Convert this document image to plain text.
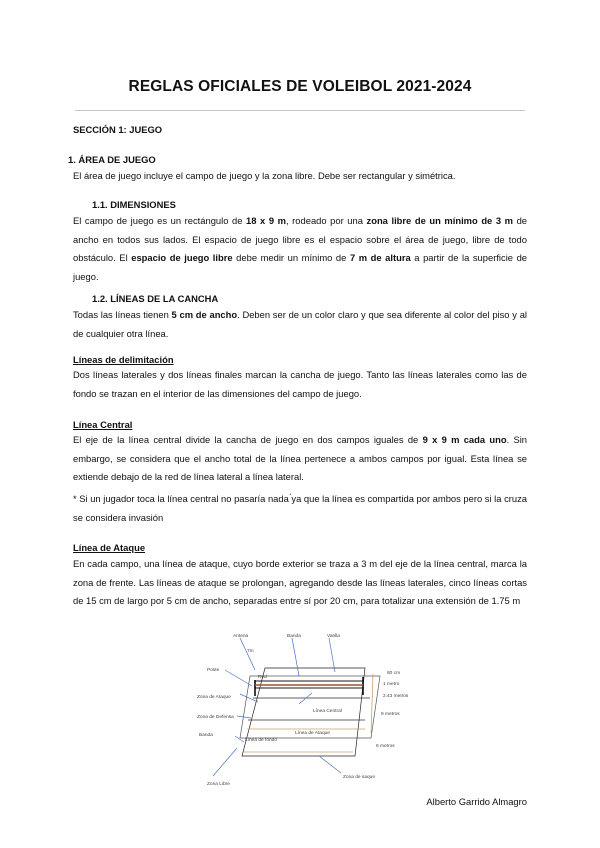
REGLAS OFICIALES DE VOLEIBOL 2021-2024
SECCIÓN 1: JUEGO
1. ÁREA DE JUEGO
El área de juego incluye el campo de juego y la zona libre. Debe ser rectangular y simétrica.
1.1. DIMENSIONES
El campo de juego es un rectángulo de 18 x 9 m, rodeado por una zona libre de un mínimo de 3 m de ancho en todos sus lados. El espacio de juego libre es el espacio sobre el área de juego, libre de todo obstáculo. El espacio de juego libre debe medir un mínimo de 7 m de altura a partir de la superficie de juego.
1.2. LÍNEAS DE LA CANCHA
Todas las líneas tienen 5 cm de ancho. Deben ser de un color claro y que sea diferente al color del piso y al de cualquier otra línea.
Líneas de delimitación
Dos líneas laterales y dos líneas finales marcan la cancha de juego. Tanto las líneas laterales como las de fondo se trazan en el interior de las dimensiones del campo de juego.
Línea Central
El eje de la línea central divide la cancha de juego en dos campos iguales de 9 x 9 m cada uno. Sin embargo, se considera que el ancho total de la línea pertenece a ambos campos por igual. Esta línea se extiende debajo de la red de línea lateral a línea lateral.
* Si un jugador toca la línea central no pasaría nada ́ya que la línea es compartida por ambos pero si la cruza se considera invasión
Línea de Ataque
En cada campo, una línea de ataque, cuyo borde exterior se traza a 3 m del eje de la línea central, marca la zona de frente. Las líneas de ataque se prolongan, agregando desde las líneas laterales, cinco líneas cortas de 15 cm de largo por 5 cm de ancho, separadas entre sí por 20 cm, para totalizar una extensión de 1.75 m
Antena	Banda	Varilla
7m
Red
Poste
80 cm
1 metro
2.43 metros
Zona de Ataque
Línea Central
Zona de Defensa
Línea de Ataque
Banda
Línea de fondo
9 metros
6 metros
Zona de saque
Zona Libre
Alberto Garrido Almagro
